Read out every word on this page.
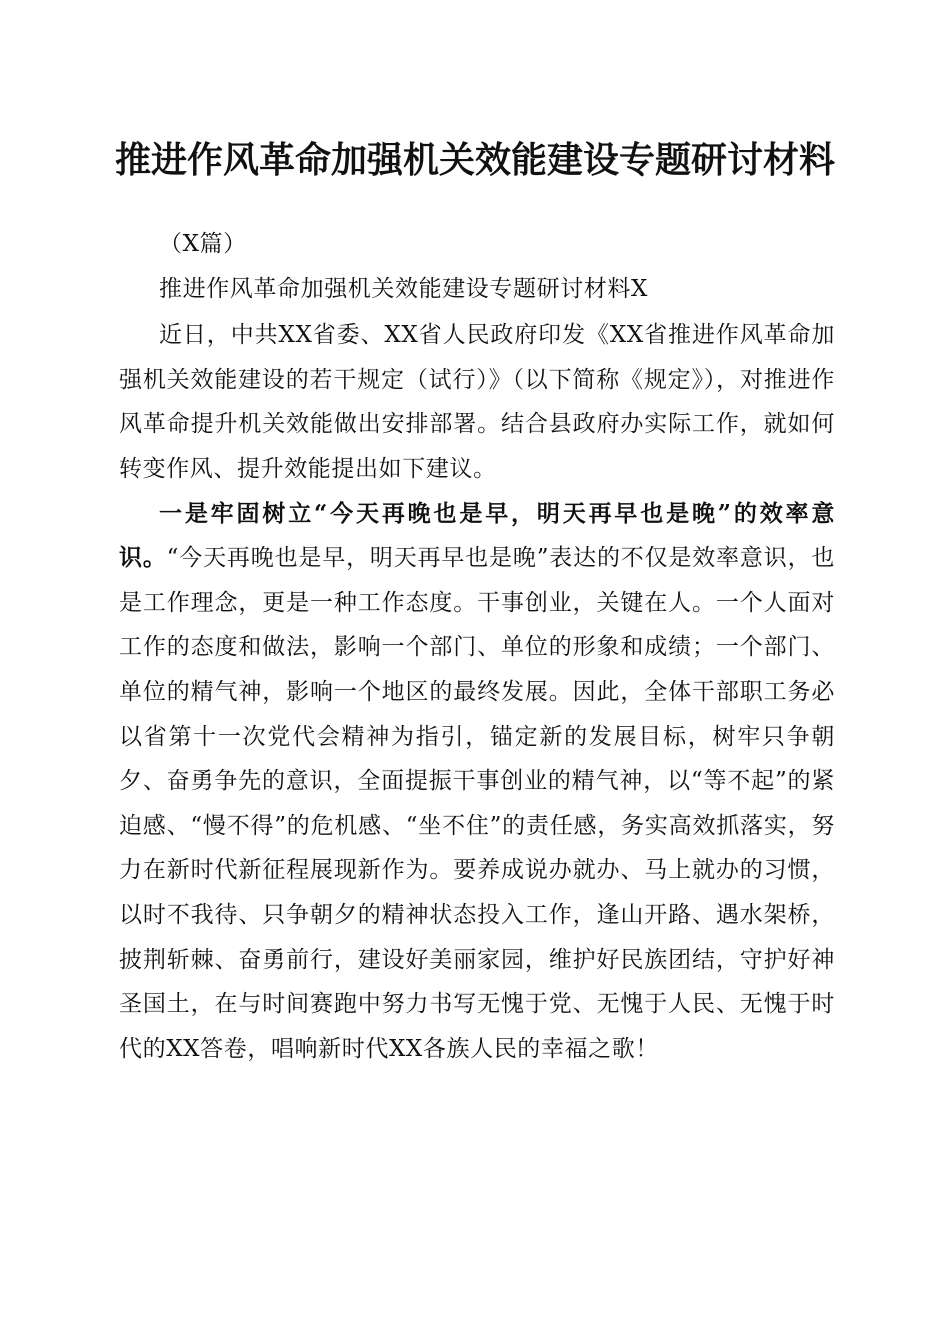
推进作风革命加强机关效能建设专题研讨材料

（X篇）

推进作风革命加强机关效能建设专题研讨材料X

近日，中共XX省委、XX省人民政府印发《XX省推进作风革命加强机关效能建设的若干规定（试行）》（以下简称《规定》），对推进作风革命提升机关效能做出安排部署。结合县政府办实际工作，就如何转变作风、提升效能提出如下建议。

一是牢固树立“今天再晚也是早，明天再早也是晚”的效率意识。“今天再晚也是早，明天再早也是晚”表达的不仅是效率意识，也是工作理念，更是一种工作态度。干事创业，关键在人。一个人面对工作的态度和做法，影响一个部门、单位的形象和成绩；一个部门、单位的精气神，影响一个地区的最终发展。因此，全体干部职工务必以省第十一次党代会精神为指引，锚定新的发展目标，树牢只争朝夕、奋勇争先的意识，全面提振干事创业的精气神，以“等不起”的紧迫感、“慢不得”的危机感、“坐不住”的责任感，务实高效抓落实，努力在新时代新征程展现新作为。要养成说办就办、马上就办的习惯，以时不我待、只争朝夕的精神状态投入工作，逢山开路、遇水架桥，披荆斩棘、奋勇前行，建设好美丽家园，维护好民族团结，守护好神圣国土，在与时间赛跑中努力书写无愧于党、无愧于人民、无愧于时代的XX答卷，唱响新时代XX各族人民的幸福之歌！
